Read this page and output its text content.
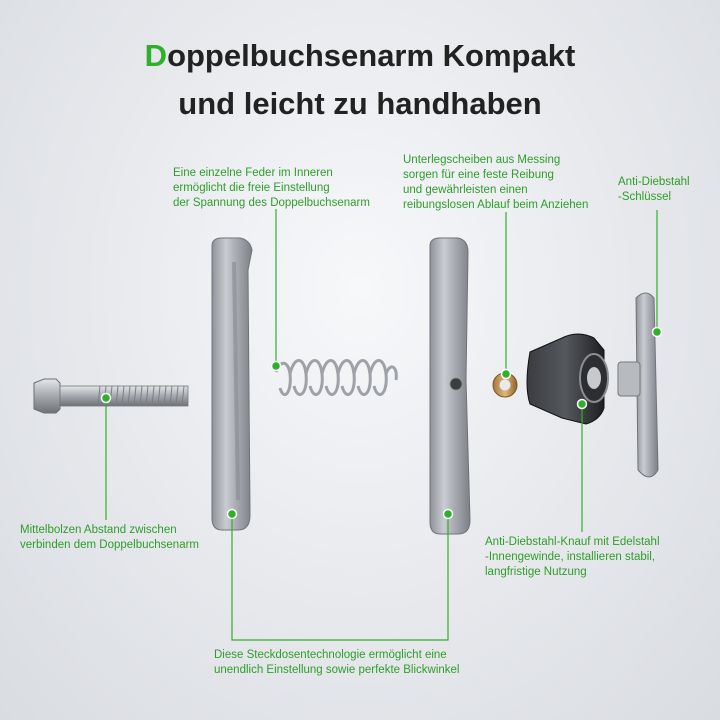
Doppelbuchsenarm Kompakt
und leicht zu handhaben
Eine einzelne Feder im Inneren
ermöglicht die freie Einstellung
der Spannung des Doppelbuchsenarm
Unterlegscheiben aus Messing
sorgen für eine feste Reibung
und gewährleisten einen
reibungslosen Ablauf beim Anziehen
Anti-Diebstahl
-Schlüssel
Mittelbolzen Abstand zwischen
verbinden dem Doppelbuchsenarm	Anti-Diebstahl-Knauf mit Edelstahl
-Innengewinde, installieren stabil,
langfristige Nutzung
Diese Steckdosentechnologie ermöglicht eine
unendlich Einstellung sowie perfekte Blickwinkel
